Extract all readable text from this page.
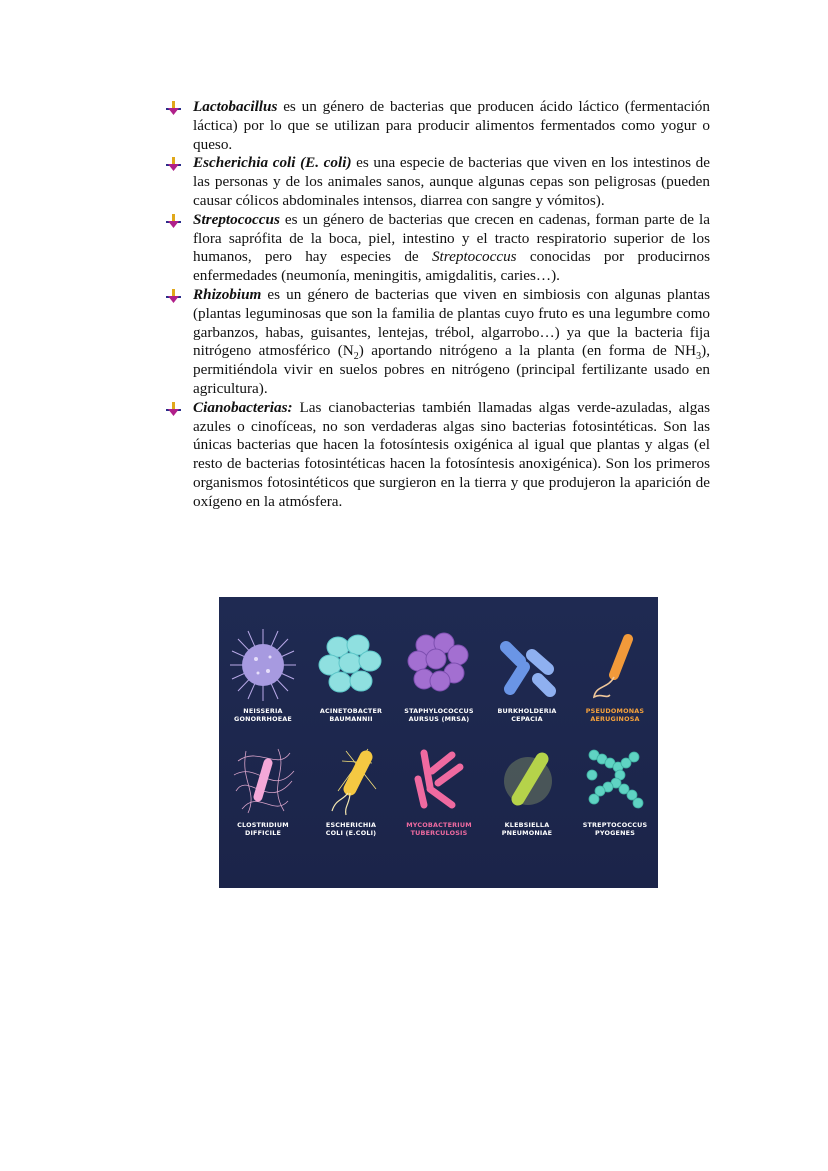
Lactobacillus es un género de bacterias que producen ácido láctico (fermentación láctica) por lo que se utilizan para producir alimentos fermentados como yogur o queso.
Escherichia coli (E. coli) es una especie de bacterias que viven en los intestinos de las personas y de los animales sanos, aunque algunas cepas son peligrosas (pueden causar cólicos abdominales intensos, diarrea con sangre y vómitos).
Streptococcus es un género de bacterias que crecen en cadenas, forman parte de la flora saprófita de la boca, piel, intestino y el tracto respiratorio superior de los humanos, pero hay especies de Streptococcus conocidas por producirnos enfermedades (neumonía, meningitis, amigdalitis, caries…).
Rhizobium es un género de bacterias que viven en simbiosis con algunas plantas (plantas leguminosas que son la familia de plantas cuyo fruto es una legumbre como garbanzos, habas, guisantes, lentejas, trébol, algarrobo…) ya que la bacteria fija nitrógeno atmosférico $(N_2)$ aportando nitrógeno a la planta (en forma de $NH_3$), permitiéndola vivir en suelos pobres en nitrógeno (principal fertilizante usado en agricultura).
Cianobacterias: Las cianobacterias también llamadas algas verde-azuladas, algas azules o cinofíceas, no son verdaderas algas sino bacterias fotosintéticas. Son las únicas bacterias que hacen la fotosíntesis oxigénica al igual que plantas y algas (el resto de bacterias fotosintéticas hacen la fotosíntesis anoxigénica). Son los primeros organismos fotosintéticos que surgieron en la tierra y que produjeron la aparición de oxígeno en la atmósfera.
NEISSERIA
GONORRHOEAE
ACINETOBACTER
BAUMANNII
STAPHYLOCOCCUS
AURSUS (MRSA)
BURKHOLDERIA
CEPACIA
PSEUDOMONAS
AERUGINOSA
CLOSTRIDIUM
DIFFICILE
ESCHERICHIA
COLI (E.COLI)
MYCOBACTERIUM
TUBERCULOSIS
KLEBSIELLA
PNEUMONIAE
STREPTOCOCCUS
PYOGENES
